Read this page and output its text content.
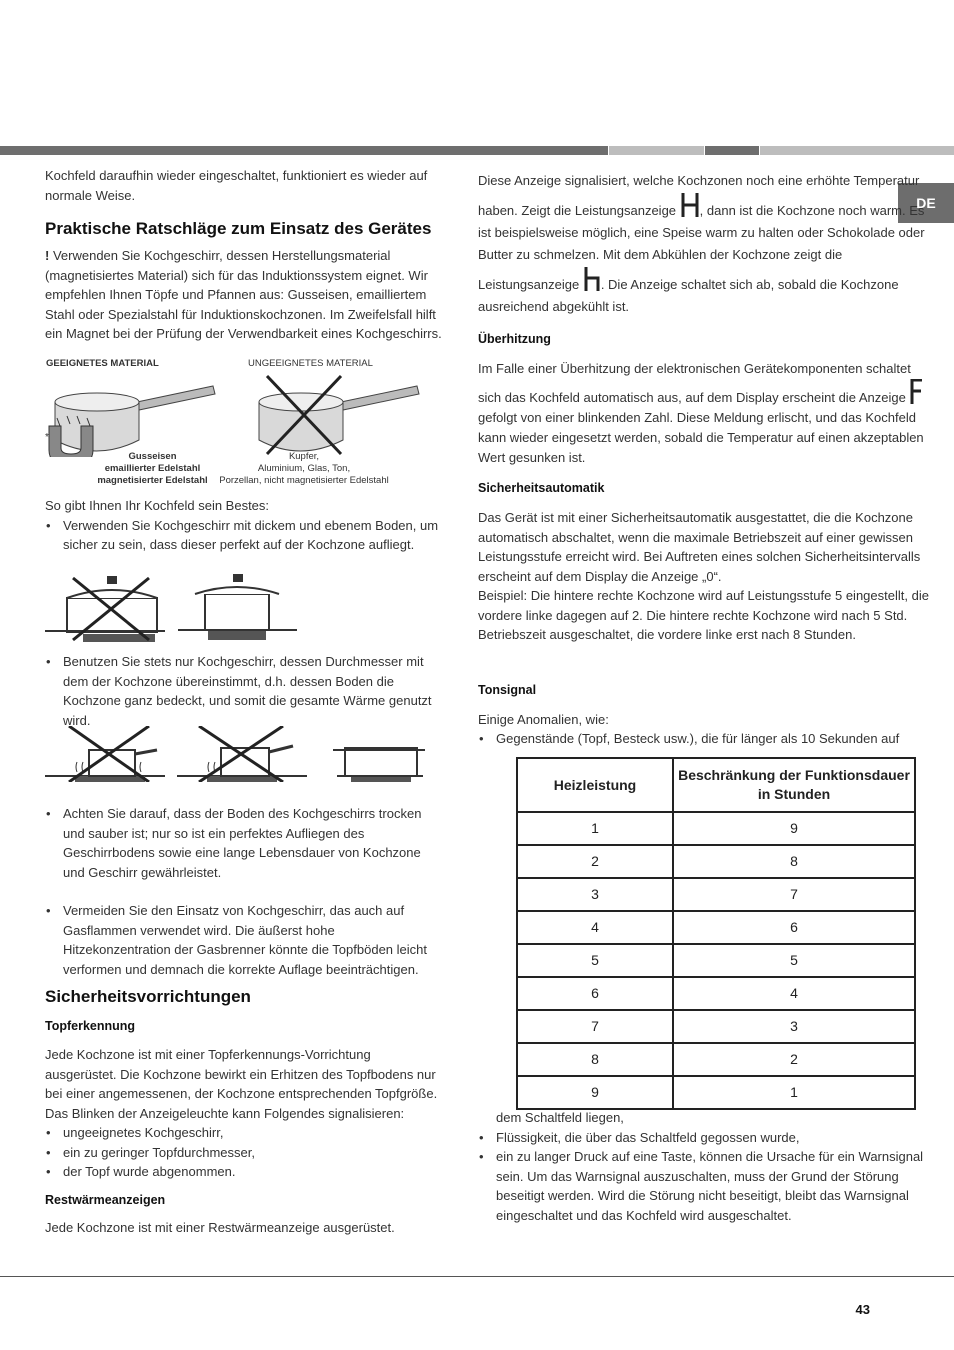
DE

Kochfeld daraufhin wieder eingeschaltet, funktioniert es wieder auf normale Weise.

Praktische Ratschläge zum Einsatz des Gerätes

! Verwenden Sie Kochgeschirr, dessen Herstellungsmaterial (magnetisiertes Material) sich für das Induktionssystem eignet. Wir empfehlen Ihnen Töpfe und Pfannen aus: Gusseisen, emailliertem Stahl oder Spezialstahl für Induktionskochzonen. Im Zweifelsfall hilft ein Magnet bei der Prüfung der Verwendbarkeit eines Kochgeschirrs.

GEEIGNETES MATERIAL	UNGEEIGNETES MATERIAL
*
Gusseisen
emaillierter Edelstahl
magnetisierter Edelstahl
Kupfer,
Aluminium, Glas, Ton,
Porzellan, nicht magnetisierter Edelstahl

So gibt Ihnen Ihr Kochfeld sein Bestes:

• Verwenden Sie Kochgeschirr mit dickem und ebenem Boden, um sicher zu sein, dass dieser perfekt auf der Kochzone aufliegt.
• Benutzen Sie stets nur Kochgeschirr, dessen Durchmesser mit dem der Kochzone übereinstimmt, d.h. dessen Boden die Kochzone ganz bedeckt, und somit die gesamte Wärme genutzt wird.
• Achten Sie darauf, dass der Boden des Kochgeschirrs trocken und sauber ist; nur so ist ein perfektes Aufliegen des Geschirrbodens sowie eine lange Lebensdauer von Kochzone und Geschirr gewährleistet.
• Vermeiden Sie den Einsatz von Kochgeschirr, das auch auf Gasflammen verwendet wird. Die äußerst hohe Hitzekonzentration der Gasbrenner könnte die Topfböden leicht verformen und demnach die korrekte Auflage beeinträchtigen.
Sicherheitsvorrichtungen
Topferkennung

Jede Kochzone ist mit einer Topferkennungs-Vorrichtung ausgerüstet. Die Kochzone bewirkt ein Erhitzen des Topfbodens nur bei einer angemessenen, der Kochzone entsprechenden Topfgröße. Das Blinken der Anzeigeleuchte kann Folgendes signalisieren:

• ungeeignetes Kochgeschirr,
• ein zu geringer Topfdurchmesser,
• der Topf wurde abgenommen.
Restwärmeanzeigen

Jede Kochzone ist mit einer Restwärmeanzeige ausgerüstet.

Diese Anzeige signalisiert, welche Kochzonen noch eine erhöhte Temperatur haben. Zeigt die Leistungsanzeige , dann ist die Kochzone noch warm. Es ist beispielsweise möglich, eine Speise warm zu halten oder Schokolade oder Butter zu schmelzen. Mit dem Abkühlen der Kochzone zeigt die Leistungsanzeige . Die Anzeige schaltet sich ab, sobald die Kochzone ausreichend abgekühlt ist.

Überhitzung

Im Falle einer Überhitzung der elektronischen Gerätekomponenten schaltet sich das Kochfeld automatisch aus, auf dem Display erscheint die Anzeige  gefolgt von einer blinkenden Zahl. Diese Meldung erlischt, und das Kochfeld kann wieder eingesetzt werden, sobald die Temperatur auf einen akzeptablen Wert gesunken ist.

Sicherheitsautomatik

Das Gerät ist mit einer Sicherheitsautomatik ausgestattet, die die Kochzone automatisch abschaltet, wenn die maximale Betriebszeit auf einer gewissen Leistungsstufe erreicht wird. Bei Auftreten eines solchen Sicherheitsintervalls erscheint auf dem Display die Anzeige „0“.

Beispiel: Die hintere rechte Kochzone wird auf Leistungsstufe 5 eingestellt, die vordere linke dagegen auf 2. Die hintere rechte Kochzone wird nach 5 Std. Betriebszeit ausgeschaltet, die vordere linke erst nach 8 Stunden.

Tonsignal

Einige Anomalien, wie:

• Gegenstände (Topf, Besteck usw.), die für länger als 10 Sekunden auf
Heizleistung	Beschränkung der Funktionsdauer in Stunden
1	9
2	8
3	7
4	6
5	5
6	4
7	3
8	2
9	1

dem Schaltfeld liegen,

• Flüssigkeit, die über das Schaltfeld gegossen wurde,
• ein zu langer Druck auf eine Taste, können die Ursache für ein Warnsignal sein. Um das Warnsignal auszuschalten, muss der Grund der Störung beseitigt werden. Wird die Störung nicht beseitigt, bleibt das Warnsignal eingeschaltet und das Kochfeld wird ausgeschaltet.
43
